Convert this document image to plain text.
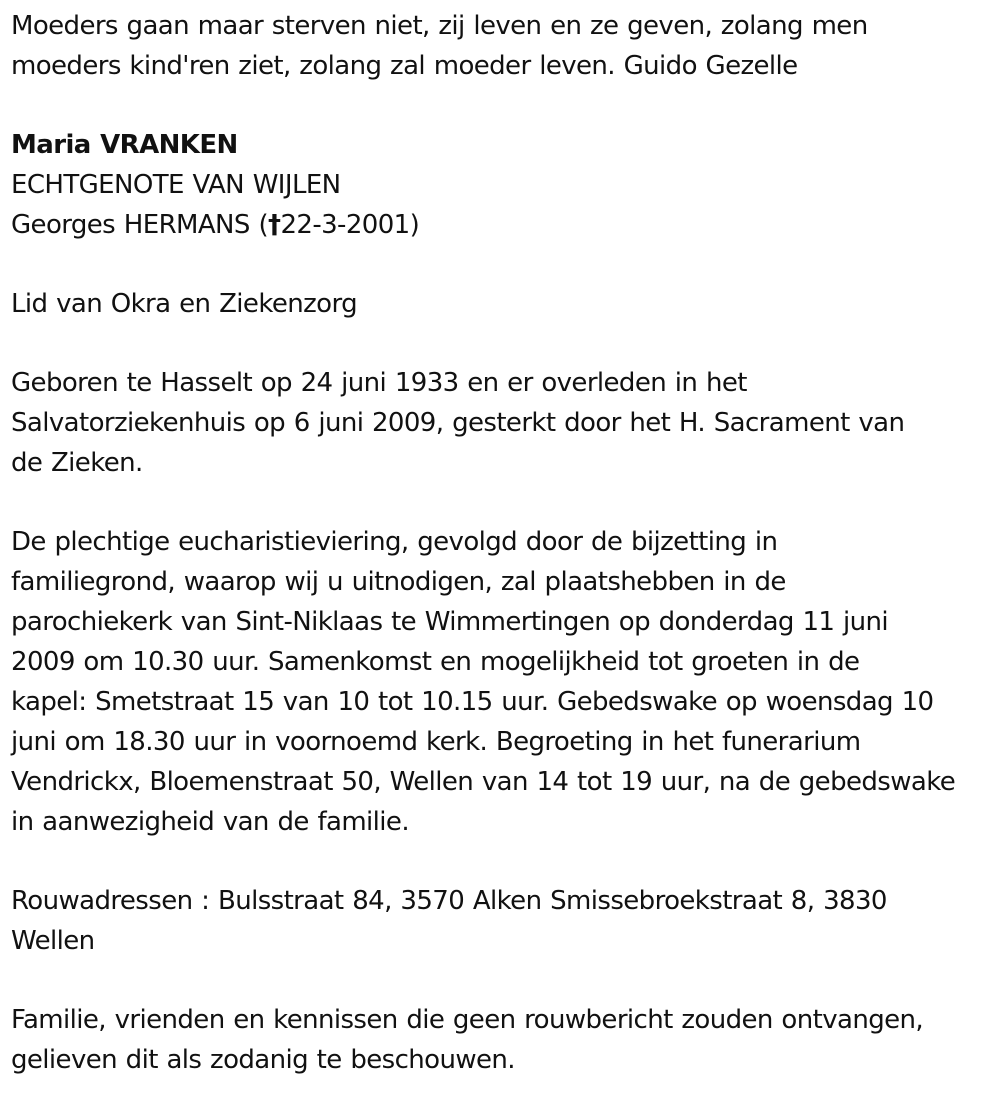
Moeders gaan maar sterven niet, zij leven en ze geven, zolang men
moeders kind'ren ziet, zolang zal moeder leven. Guido Gezelle
Maria VRANKEN
ECHTGENOTE VAN WIJLEN
Georges HERMANS (†22-3-2001)
Lid van Okra en Ziekenzorg
Geboren te Hasselt op 24 juni 1933 en er overleden in het
Salvatorziekenhuis op 6 juni 2009, gesterkt door het H. Sacrament van
de Zieken.
De plechtige eucharistieviering, gevolgd door de bijzetting in
familiegrond, waarop wij u uitnodigen, zal plaatshebben in de
parochiekerk van Sint-Niklaas te Wimmertingen op donderdag 11 juni
2009 om 10.30 uur. Samenkomst en mogelijkheid tot groeten in de
kapel: Smetstraat 15 van 10 tot 10.15 uur. Gebedswake op woensdag 10
juni om 18.30 uur in voornoemd kerk. Begroeting in het funerarium
Vendrickx, Bloemenstraat 50, Wellen van 14 tot 19 uur, na de gebedswake
in aanwezigheid van de familie.
Rouwadressen : Bulsstraat 84, 3570 Alken Smissebroekstraat 8, 3830
Wellen
Familie, vrienden en kennissen die geen rouwbericht zouden ontvangen,
gelieven dit als zodanig te beschouwen.
